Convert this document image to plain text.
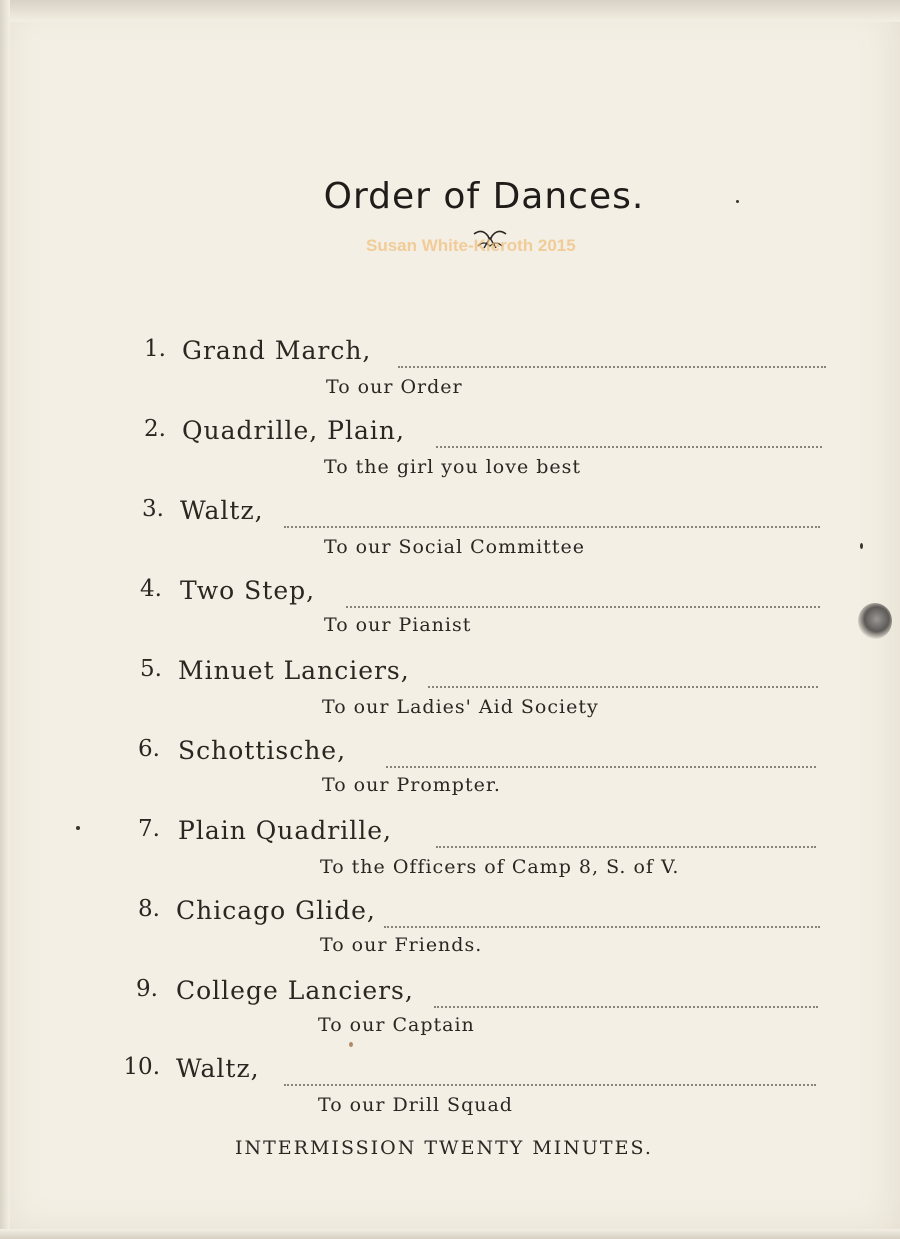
Order of Dances.
Susan White-Kleroth 2015
1. Grand March,
To our Order
2. Quadrille, Plain,
To the girl you love best
3. Waltz,
To our Social Committee
4. Two Step,
To our Pianist
5. Minuet Lanciers,
To our Ladies' Aid Society
6. Schottische,
To our Prompter.
7. Plain Quadrille,
To the Officers of Camp 8, S. of V.
8. Chicago Glide,
To our Friends.
9. College Lanciers,
To our Captain
10. Waltz,
To our Drill Squad
INTERMISSION TWENTY MINUTES.
